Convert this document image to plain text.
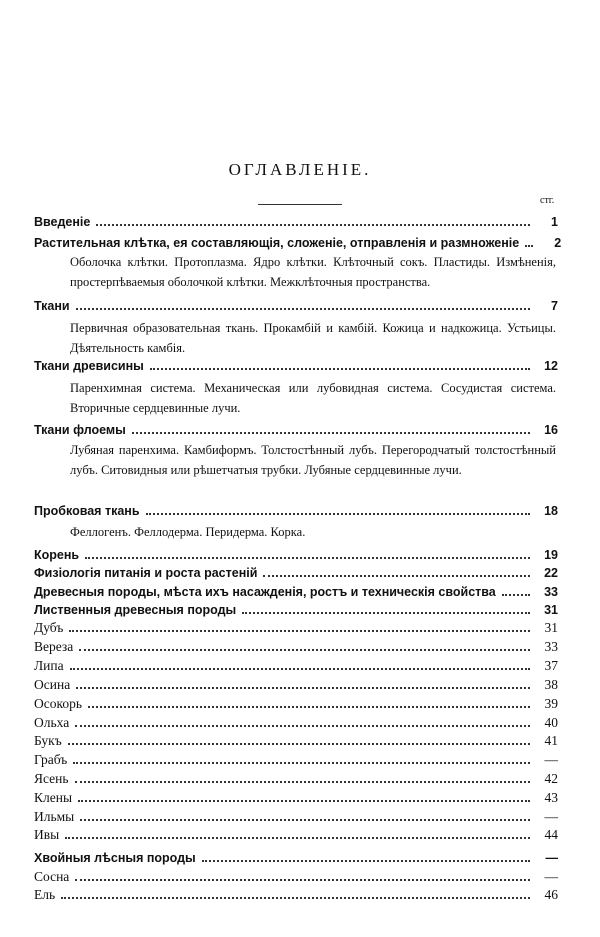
ОГЛАВЛЕНІЕ.
стг.
Введеніе	1
Растительная клѣтка, ея составляющія, сложеніе, отправленія и размноженіе	2
Оболочка клѣтки. Протоплазма. Ядро клѣтки. Клѣточный сокъ. Пластиды. Измѣненія, простерпѣваемыя оболочкой клѣтки. Межклѣточныя пространства.
Ткани	7
Первичная образовательная ткань. Прокамбій и камбій. Кожица и надкожица. Устьицы. Дѣятельность камбія.
Ткани древисины	12
Паренхимная система. Механическая или лубовидная система. Сосудистая система. Вторичные сердцевинные лучи.
Ткани флоемы	16
Лубяная паренхима. Камбиформъ. Толстостѣнный лубъ. Перегородчатый толстостѣнный лубъ. Ситовидныя или рѣшетчатыя трубки. Лубяные сердцевинные лучи.
Пробковая ткань	18
Феллогенъ. Феллодерма. Перидерма. Корка.
Корень	19
Физіологія питанія и роста растеній	22
Древесныя породы, мѣста ихъ насажденія, ростъ и техническія свойства	33
Лиственныя древесныя породы	31
Дубъ	31
Вереза	33
Липа	37
Осина	38
Осокорь	39
Ольха	40
Букъ	41
Грабъ	—
Ясень	42
Клены	43
Ильмы	—
Ивы	44
Хвойныя лѣсныя породы	—
Сосна	—
Ель	46
